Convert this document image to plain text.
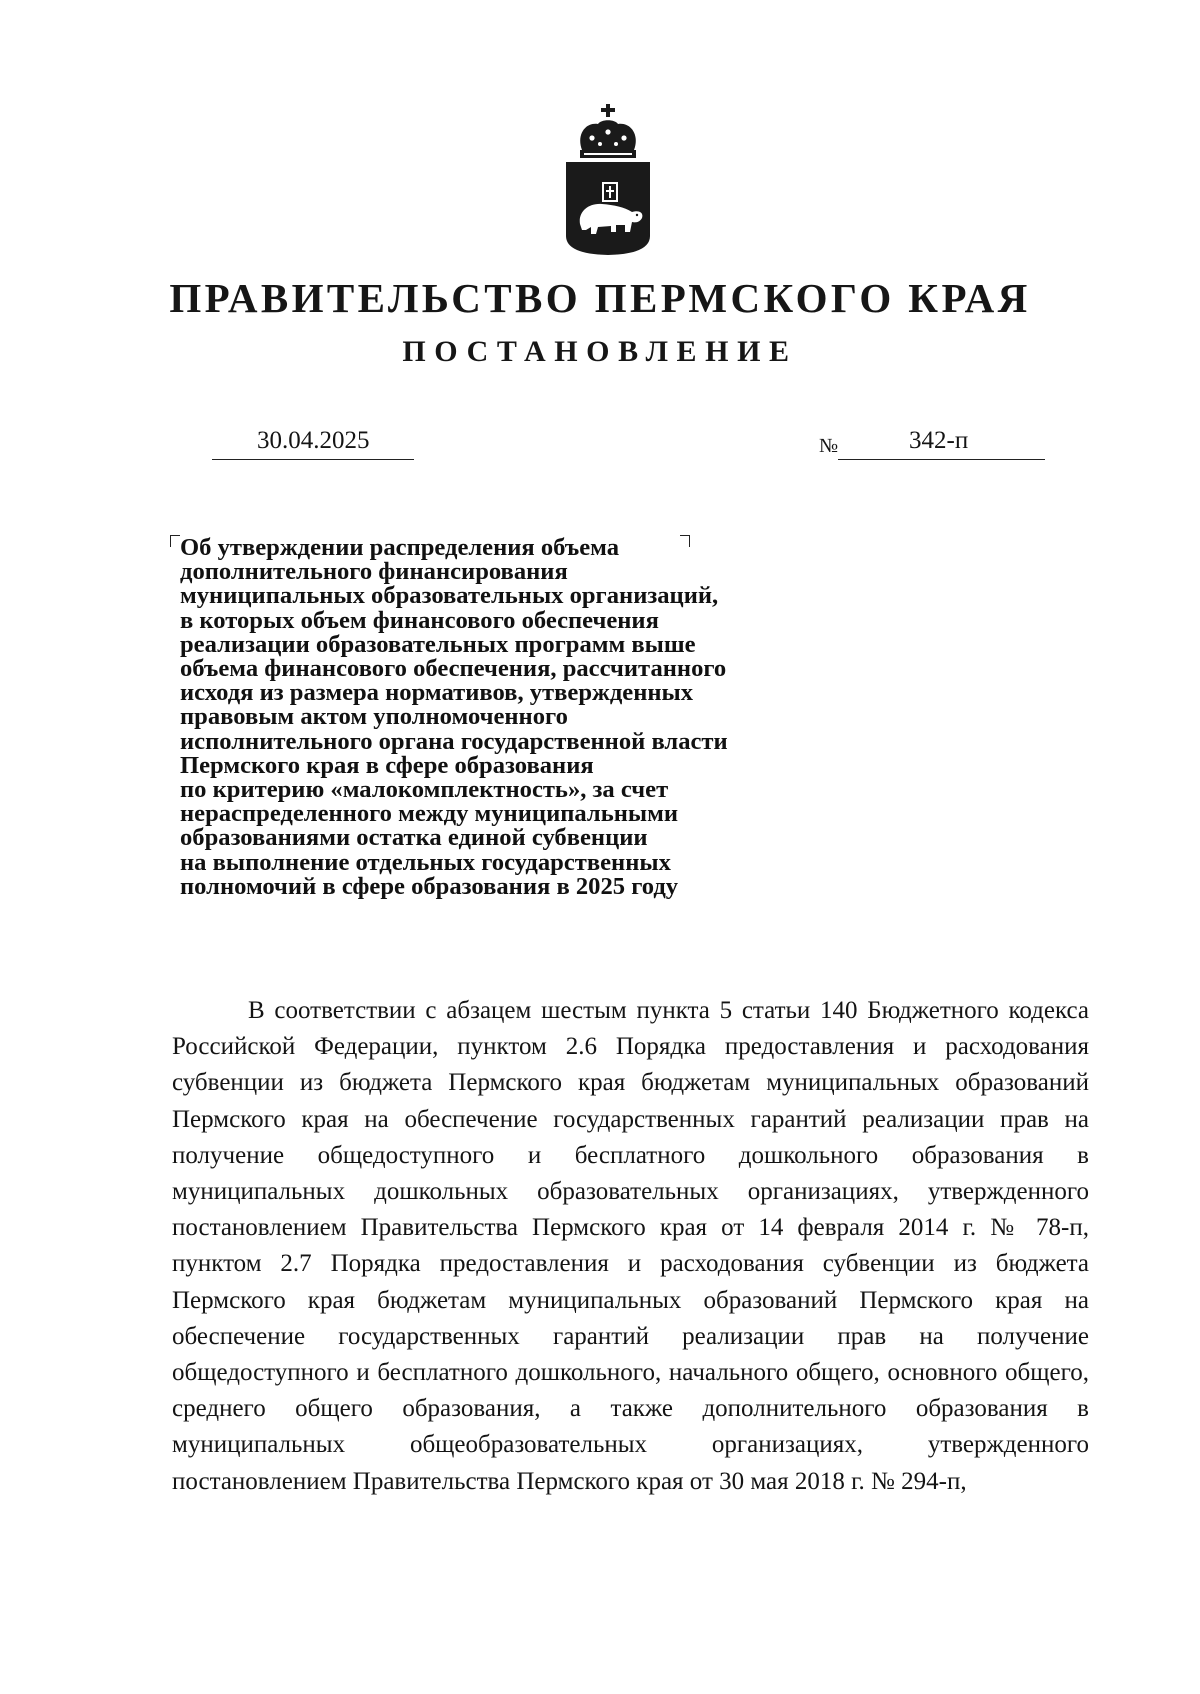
ПРАВИТЕЛЬСТВО ПЕРМСКОГО КРАЯ
ПОСТАНОВЛЕНИЕ
30.04.2025	№	342-п
Об утверждении распределения объема
дополнительного финансирования
муниципальных образовательных организаций,
в которых объем финансового обеспечения
реализации образовательных программ выше
объема финансового обеспечения, рассчитанного
исходя из размера нормативов, утвержденных
правовым актом уполномоченного
исполнительного органа государственной власти
Пермского края в сфере образования
по критерию «малокомплектность», за счет
нераспределенного между муниципальными
образованиями остатка единой субвенции
на выполнение отдельных государственных
полномочий в сфере образования в 2025 году

В соответствии с абзацем шестым пункта 5 статьи 140 Бюджетного кодекса Российской Федерации, пунктом 2.6 Порядка предоставления и расходования субвенции из бюджета Пермского края бюджетам муниципальных образований Пермского края на обеспечение государственных гарантий реализации прав на получение общедоступного и бесплатного дошкольного образования в муниципальных дошкольных образовательных организациях, утвержденного постановлением Правительства Пермского края от 14 февраля 2014 г. № 78-п, пунктом 2.7 Порядка предоставления и расходования субвенции из бюджета Пермского края бюджетам муниципальных образований Пермского края на обеспечение государственных гарантий реализации прав на получение общедоступного и бесплатного дошкольного, начального общего, основного общего, среднего общего образования, а также дополнительного образования в муниципальных общеобразовательных организациях, утвержденного постановлением Правительства Пермского края от 30 мая 2018 г. № 294-п,
